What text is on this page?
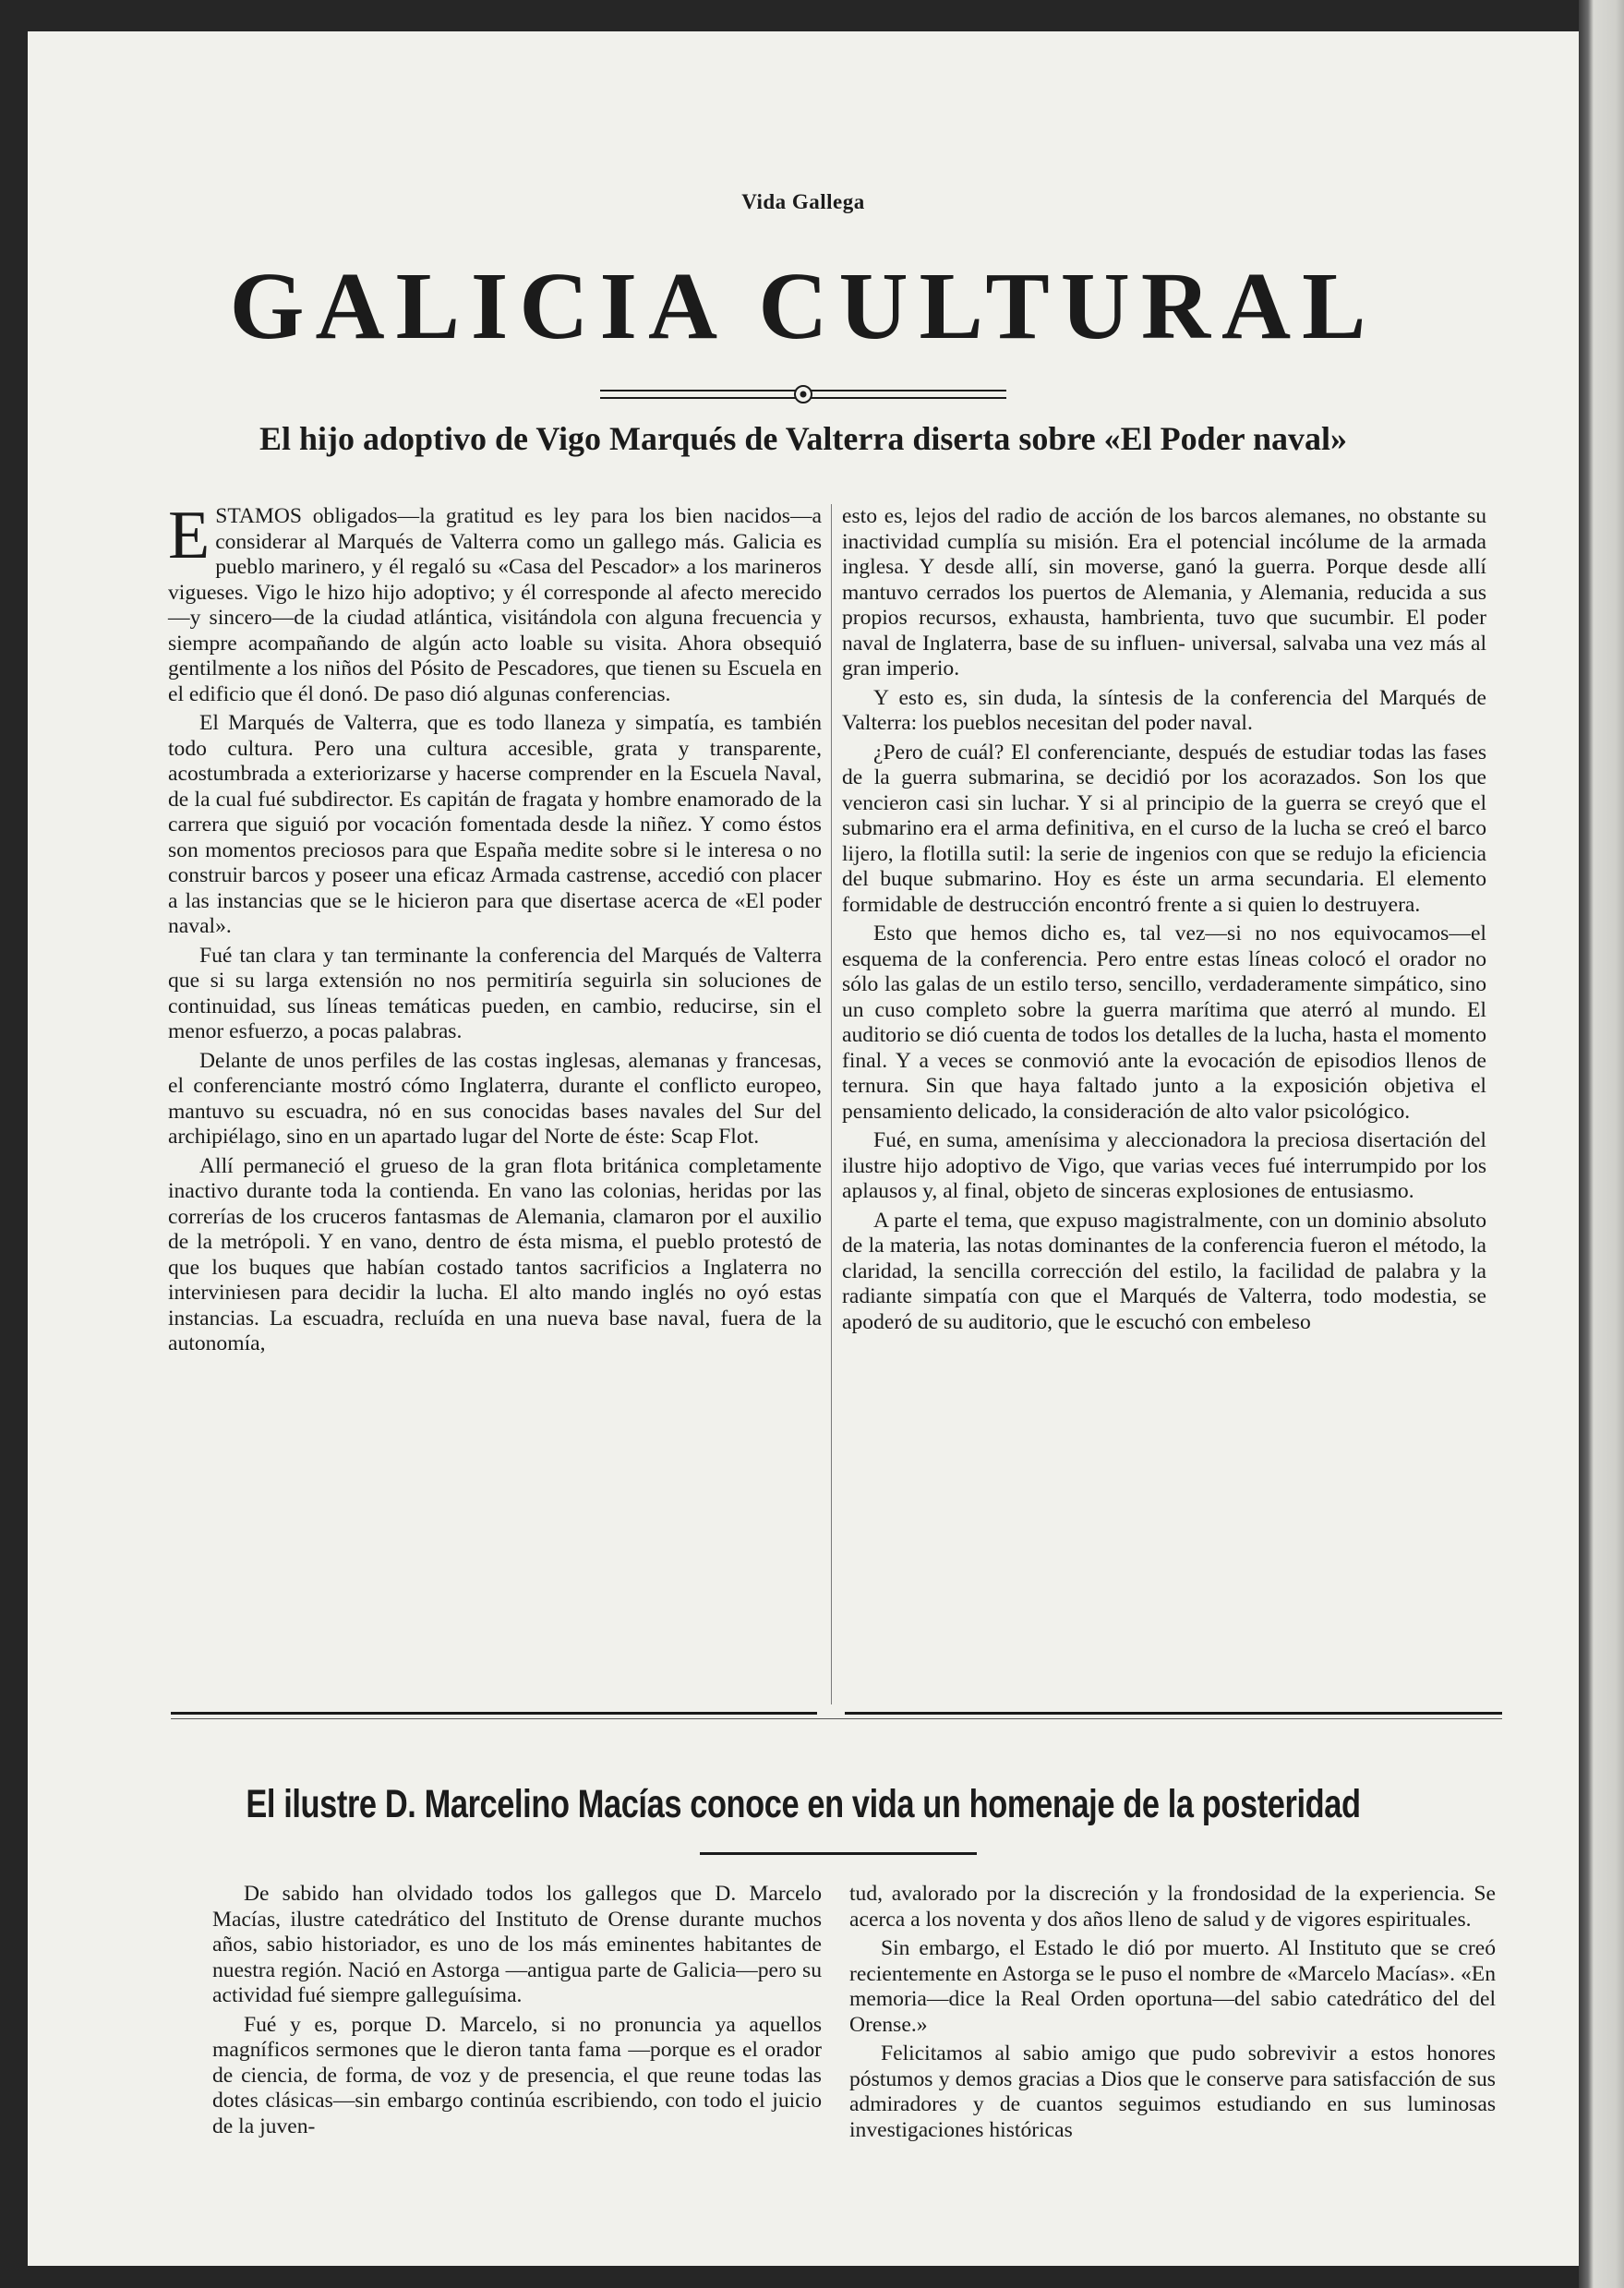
Vida Gallega
GALICIA CULTURAL
El hijo adoptivo de Vigo Marqués de Valterra diserta sobre «El Poder naval»

ESTAMOS obligados—la gratitud es ley para los bien nacidos—a considerar al Marqués de Valterra como un gallego más. Galicia es pueblo marinero, y él regaló su «Casa del Pescador» a los marineros vigueses. Vigo le hizo hijo adoptivo; y él corresponde al afecto merecido —y sincero—de la ciudad atlántica, visitándola con alguna frecuencia y siempre acompañando de algún acto loable su visita. Ahora obsequió gentilmente a los niños del Pósito de Pescadores, que tienen su Escuela en el edificio que él donó. De paso dió algunas conferencias.

El Marqués de Valterra, que es todo llaneza y simpatía, es también todo cultura. Pero una cultura accesible, grata y transparente, acostumbrada a exteriorizarse y hacerse comprender en la Escuela Naval, de la cual fué subdirector. Es capitán de fragata y hombre enamorado de la carrera que siguió por vocación fomentada desde la niñez. Y como éstos son momentos preciosos para que España medite sobre si le interesa o no construir barcos y poseer una eficaz Armada castrense, accedió con placer a las instancias que se le hicieron para que disertase acerca de «El poder naval».

Fué tan clara y tan terminante la conferencia del Marqués de Valterra que si su larga extensión no nos permitiría seguirla sin soluciones de continuidad, sus líneas temáticas pueden, en cambio, reducirse, sin el menor esfuerzo, a pocas palabras.

Delante de unos perfiles de las costas inglesas, alemanas y francesas, el conferenciante mostró cómo Inglaterra, durante el conflicto europeo, mantuvo su escuadra, nó en sus conocidas bases navales del Sur del archipiélago, sino en un apartado lugar del Norte de éste: Scap Flot.

Allí permaneció el grueso de la gran flota británica completamente inactivo durante toda la contienda. En vano las colonias, heridas por las correrías de los cruceros fantasmas de Alemania, clamaron por el auxilio de la metrópoli. Y en vano, dentro de ésta misma, el pueblo protestó de que los buques que habían costado tantos sacrificios a Inglaterra no interviniesen para decidir la lucha. El alto mando inglés no oyó estas instancias. La escuadra, recluída en una nueva base naval, fuera de la autonomía,

esto es, lejos del radio de acción de los barcos alemanes, no obstante su inactividad cumplía su misión. Era el potencial incólume de la armada inglesa. Y desde allí, sin moverse, ganó la guerra. Porque desde allí mantuvo cerrados los puertos de Alemania, y Alemania, reducida a sus propios recursos, exhausta, hambrienta, tuvo que sucumbir. El poder naval de Inglaterra, base de su influen- universal, salvaba una vez más al gran imperio.

Y esto es, sin duda, la síntesis de la conferencia del Marqués de Valterra: los pueblos necesitan del poder naval.

¿Pero de cuál? El conferenciante, después de estudiar todas las fases de la guerra submarina, se decidió por los acorazados. Son los que vencieron casi sin luchar. Y si al principio de la guerra se creyó que el submarino era el arma definitiva, en el curso de la lucha se creó el barco lijero, la flotilla sutil: la serie de ingenios con que se redujo la eficiencia del buque submarino. Hoy es éste un arma secundaria. El elemento formidable de destrucción encontró frente a si quien lo destruyera.

Esto que hemos dicho es, tal vez—si no nos equivocamos—el esquema de la conferencia. Pero entre estas líneas colocó el orador no sólo las galas de un estilo terso, sencillo, verdaderamente simpático, sino un cuso completo sobre la guerra marítima que aterró al mundo. El auditorio se dió cuenta de todos los detalles de la lucha, hasta el momento final. Y a veces se conmovió ante la evocación de episodios llenos de ternura. Sin que haya faltado junto a la exposición objetiva el pensamiento delicado, la consideración de alto valor psicológico.

Fué, en suma, amenísima y aleccionadora la preciosa disertación del ilustre hijo adoptivo de Vigo, que varias veces fué interrumpido por los aplausos y, al final, objeto de sinceras explosiones de entusiasmo.

A parte el tema, que expuso magistralmente, con un dominio absoluto de la materia, las notas dominantes de la conferencia fueron el método, la claridad, la sencilla corrección del estilo, la facilidad de palabra y la radiante simpatía con que el Marqués de Valterra, todo modestia, se apoderó de su auditorio, que le escuchó con embeleso

El ilustre D. Marcelino Macías conoce en vida un homenaje de la posteridad

De sabido han olvidado todos los gallegos que D. Marcelo Macías, ilustre catedrático del Instituto de Orense durante muchos años, sabio historiador, es uno de los más eminentes habitantes de nuestra región. Nació en Astorga —antigua parte de Galicia—pero su actividad fué siempre galleguísima.

Fué y es, porque D. Marcelo, si no pronuncia ya aquellos magníficos sermones que le dieron tanta fama —porque es el orador de ciencia, de forma, de voz y de presencia, el que reune todas las dotes clásicas—sin embargo continúa escribiendo, con todo el juicio de la juven-

tud, avalorado por la discreción y la frondosidad de la experiencia. Se acerca a los noventa y dos años lleno de salud y de vigores espirituales.

Sin embargo, el Estado le dió por muerto. Al Instituto que se creó recientemente en Astorga se le puso el nombre de «Marcelo Macías». «En memoria—dice la Real Orden oportuna—del sabio catedrático del del Orense.»

Felicitamos al sabio amigo que pudo sobrevivir a estos honores póstumos y demos gracias a Dios que le conserve para satisfacción de sus admiradores y de cuantos seguimos estudiando en sus luminosas investigaciones históricas
